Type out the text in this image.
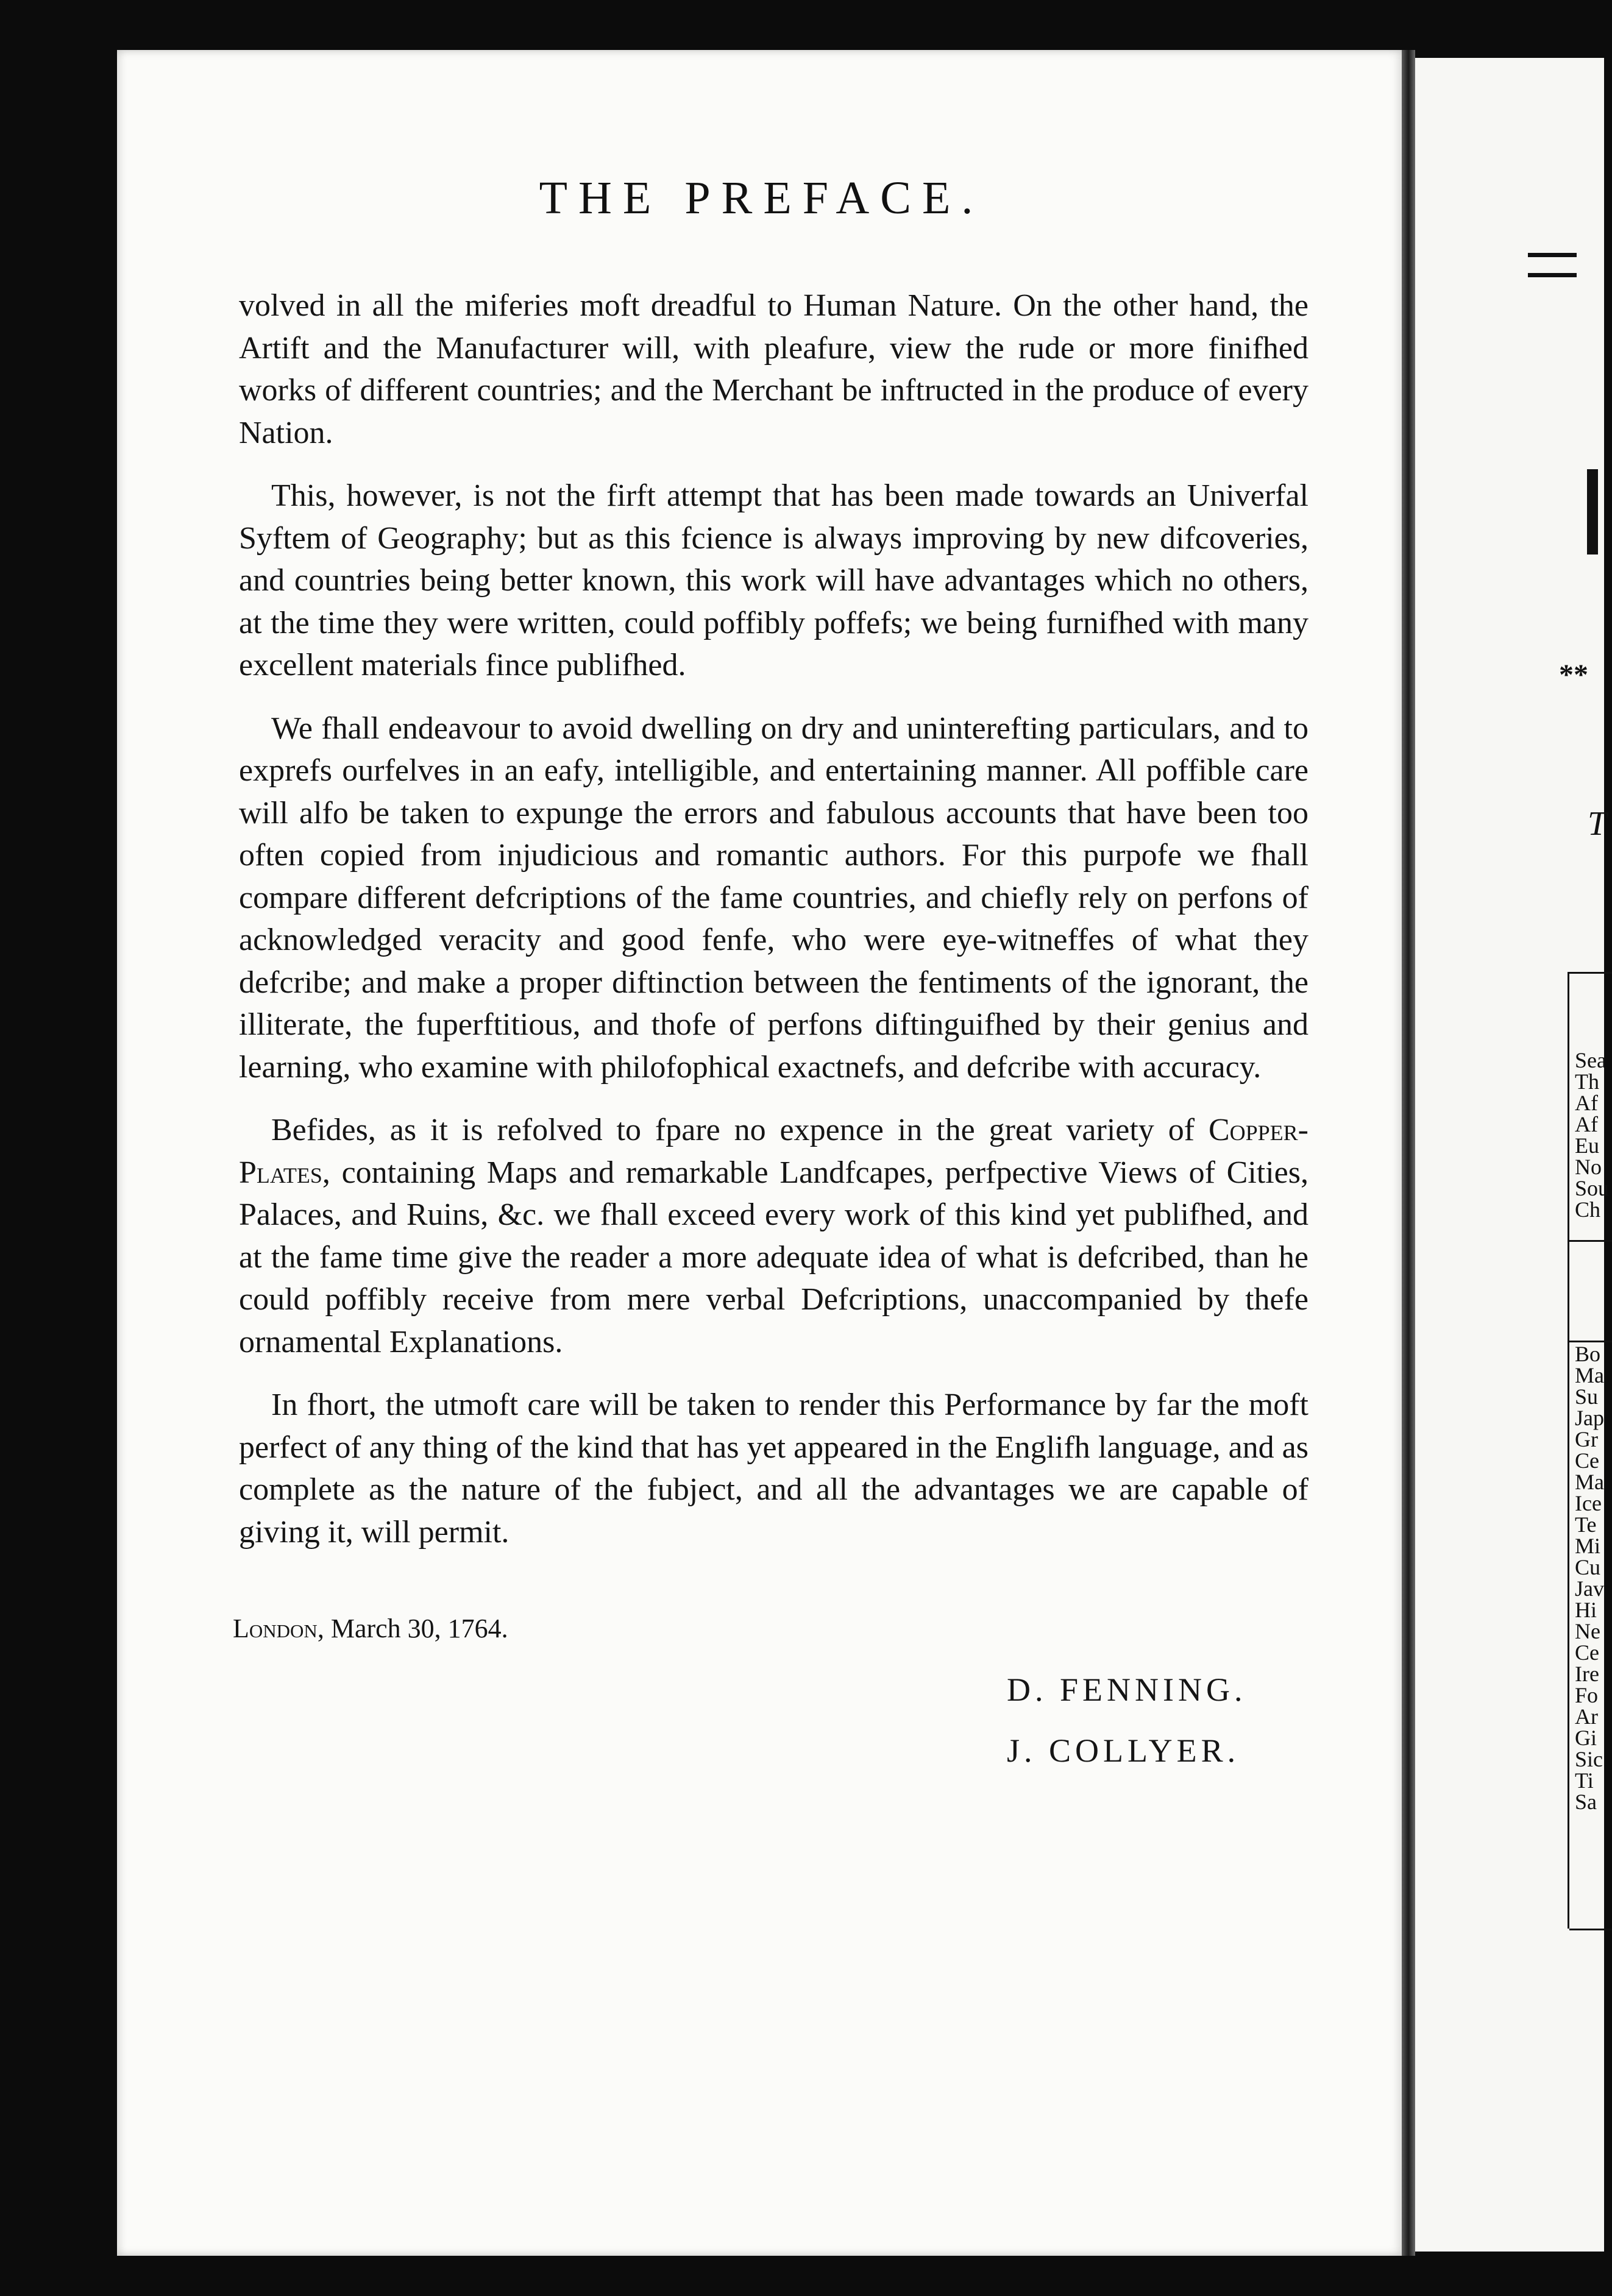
THE PREFACE.

volved in all the miferies moft dreadful to Human Nature. On the other hand, the Artift and the Manufacturer will, with pleafure, view the rude or more finifhed works of different countries; and the Merchant be inftructed in the produce of every Nation.

This, however, is not the firft attempt that has been made towards an Univerfal Syftem of Geography; but as this fcience is always improving by new difcoveries, and countries being better known, this work will have advantages which no others, at the time they were written, could poffibly poffefs; we being furnifhed with many excellent materials fince publifhed.

We fhall endeavour to avoid dwelling on dry and uninterefting particulars, and to exprefs ourfelves in an eafy, intelligible, and entertaining manner. All poffible care will alfo be taken to expunge the errors and fabulous accounts that have been too often copied from injudicious and romantic authors. For this purpofe we fhall compare different defcriptions of the fame countries, and chiefly rely on perfons of acknowledged veracity and good fenfe, who were eye-witneffes of what they defcribe; and make a proper diftinction between the fentiments of the ignorant, the illiterate, the fuperftitious, and thofe of perfons diftinguifhed by their genius and learning, who examine with philofophical exactnefs, and defcribe with accuracy.

Befides, as it is refolved to fpare no expence in the great variety of Copper-Plates, containing Maps and remarkable Landfcapes, perfpective Views of Cities, Palaces, and Ruins, &c. we fhall exceed every work of this kind yet publifhed, and at the fame time give the reader a more adequate idea of what is defcribed, than he could poffibly receive from mere verbal Defcriptions, unaccompanied by thefe ornamental Explanations.

In fhort, the utmoft care will be taken to render this Performance by far the moft perfect of any thing of the kind that has yet appeared in the Englifh language, and as complete as the nature of the fubject, and all the advantages we are capable of giving it, will permit.

London, March 30, 1764.
D. FENNING.
J. COLLYER.
**
T
Sea
Th
Af
Af
Eu
No
Sou
Ch
Bo
Ma
Su
Jap
Gr
Ce
Ma
Ice
Te
Mi
Cu
Jav
Hi
Ne
Ce
Ire
Fo
Ar
Gi
Sic
Ti
Sa
